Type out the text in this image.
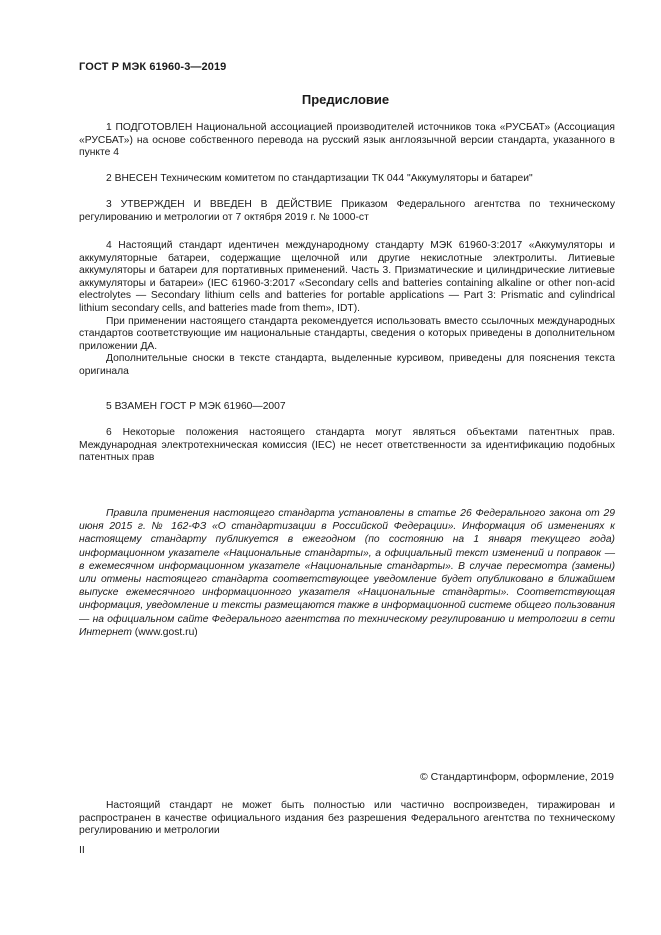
ГОСТ Р МЭК 61960-3—2019
Предисловие

1 ПОДГОТОВЛЕН Национальной ассоциацией производителей источников тока «РУСБАТ» (Ассоциация «РУСБАТ») на основе собственного перевода на русский язык англоязычной версии стандарта, указанного в пункте 4

2 ВНЕСЕН Техническим комитетом по стандартизации ТК 044 "Аккумуляторы и батареи"

3 УТВЕРЖДЕН И ВВЕДЕН В ДЕЙСТВИЕ Приказом Федерального агентства по техническому регулированию и метрологии от 7 октября 2019 г. № 1000-ст

4 Настоящий стандарт идентичен международному стандарту МЭК 61960-3:2017 «Аккумуляторы и аккумуляторные батареи, содержащие щелочной или другие некислотные электролиты. Литиевые аккумуляторы и батареи для портативных применений. Часть 3. Призматические и цилиндрические литиевые аккумуляторы и батареи» (IEC 61960-3:2017 «Secondary cells and batteries containing alkaline or other non-acid electrolytes — Secondary lithium cells and batteries for portable applications — Part 3: Prismatic and cylindrical lithium secondary cells, and batteries made from them», IDT).

При применении настоящего стандарта рекомендуется использовать вместо ссылочных международных стандартов соответствующие им национальные стандарты, сведения о которых приведены в дополнительном приложении ДА.

Дополнительные сноски в тексте стандарта, выделенные курсивом, приведены для пояснения текста оригинала

5 ВЗАМЕН ГОСТ Р МЭК 61960—2007

6 Некоторые положения настоящего стандарта могут являться объектами патентных прав. Международная электротехническая комиссия (IEC) не несет ответственности за идентификацию подобных патентных прав

Правила применения настоящего стандарта установлены в статье 26 Федерального закона от 29 июня 2015 г. № 162-ФЗ «О стандартизации в Российской Федерации». Информация об изменениях к настоящему стандарту публикуется в ежегодном (по состоянию на 1 января текущего года) информационном указателе «Национальные стандарты», а официальный текст изменений и поправок — в ежемесячном информационном указателе «Национальные стандарты». В случае пересмотра (замены) или отмены настоящего стандарта соответствующее уведомление будет опубликовано в ближайшем выпуске ежемесячного информационного указателя «Национальные стандарты». Соответствующая информация, уведомление и тексты размещаются также в информационной системе общего пользования — на официальном сайте Федерального агентства по техническому регулированию и метрологии в сети Интернет (www.gost.ru)
© Стандартинформ, оформление, 2019
Настоящий стандарт не может быть полностью или частично воспроизведен, тиражирован и распространен в качестве официального издания без разрешения Федерального агентства по техническому регулированию и метрологии
II
